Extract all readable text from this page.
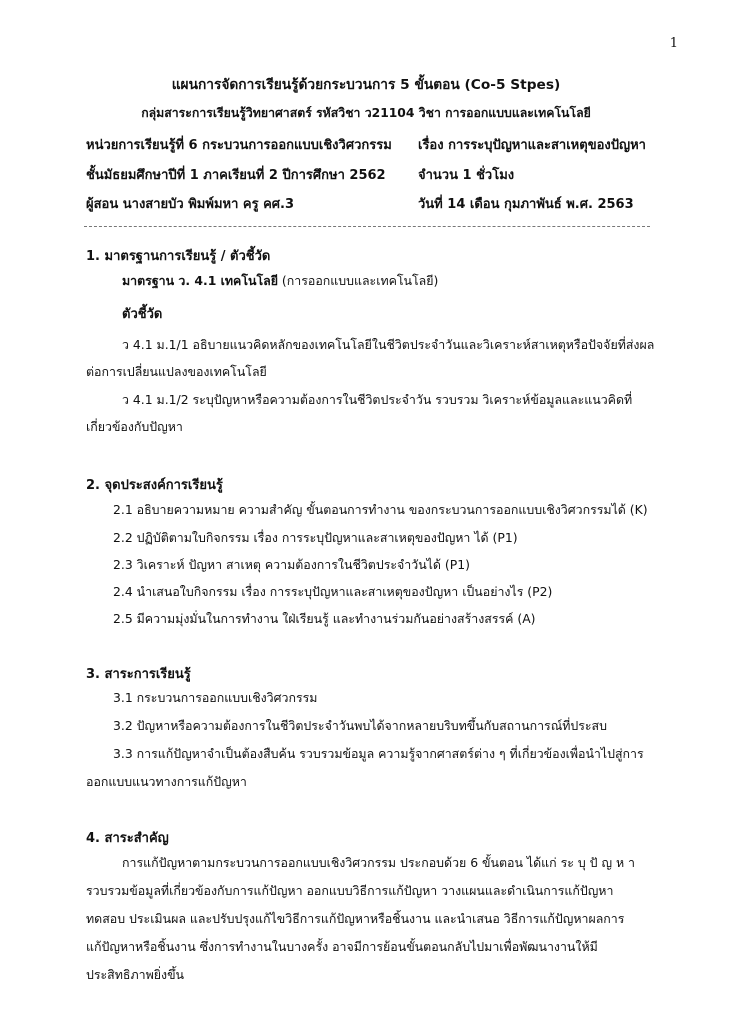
1
แผนการจัดการเรียนรู้ด้วยกระบวนการ 5 ขั้นตอน (Co-5 Stpes)
กลุ่มสาระการเรียนรู้วิทยาศาสตร์ รหัสวิชา ว21104 วิชา การออกแบบและเทคโนโลยี
หน่วยการเรียนรู้ที่ 6 กระบวนการออกแบบเชิงวิศวกรรม เรื่อง การระบุปัญหาและสาเหตุของปัญหา
ชั้นมัธยมศึกษาปีที่ 1 ภาคเรียนที่ 2 ปีการศึกษา 2562 จำนวน 1 ชั่วโมง
ผู้สอน นางสายบัว พิมพ์มหา ครู คศ.3	วันที่ 14 เดือน กุมภาพันธ์ พ.ศ. 2563
1. มาตรฐานการเรียนรู้ / ตัวชี้วัด
มาตรฐาน ว. 4.1 เทคโนโลยี (การออกแบบและเทคโนโลยี)
ตัวชี้วัด
ว 4.1 ม.1/1 อธิบายแนวคิดหลักของเทคโนโลยีในชีวิตประจำวันและวิเคราะห์สาเหตุหรือปัจจัยที่ส่งผล
ต่อการเปลี่ยนแปลงของเทคโนโลยี
ว 4.1 ม.1/2 ระบุปัญหาหรือความต้องการในชีวิตประจำวัน รวบรวม วิเคราะห์ข้อมูลและแนวคิดที่
เกี่ยวข้องกับปัญหา
2. จุดประสงค์การเรียนรู้
2.1 อธิบายความหมาย ความสำคัญ ขั้นตอนการทำงาน ของกระบวนการออกแบบเชิงวิศวกรรมได้ (K)
2.2 ปฏิบัติตามใบกิจกรรม เรื่อง การระบุปัญหาและสาเหตุของปัญหา ได้ (P1)
2.3 วิเคราะห์ ปัญหา สาเหตุ ความต้องการในชีวิตประจำวันได้ (P1)
2.4 นำเสนอใบกิจกรรม เรื่อง การระบุปัญหาและสาเหตุของปัญหา เป็นอย่างไร (P2)
2.5 มีความมุ่งมั่นในการทำงาน ใฝ่เรียนรู้ และทำงานร่วมกันอย่างสร้างสรรค์ (A)
3. สาระการเรียนรู้
3.1 กระบวนการออกแบบเชิงวิศวกรรม
3.2 ปัญหาหรือความต้องการในชีวิตประจำวันพบได้จากหลายบริบทขึ้นกับสถานการณ์ที่ประสบ
3.3 การแก้ปัญหาจำเป็นต้องสืบค้น รวบรวมข้อมูล ความรู้จากศาสตร์ต่าง ๆ ที่เกี่ยวข้องเพื่อนำไปสู่การ
ออกแบบแนวทางการแก้ปัญหา
4. สาระสำคัญ
การแก้ปัญหาตามกระบวนการออกแบบเชิงวิศวกรรม ประกอบด้วย 6 ขั้นตอน ได้แก่ ระ บุ ปั ญ ห า
รวบรวมข้อมูลที่เกี่ยวข้องกับการแก้ปัญหา ออกแบบวิธีการแก้ปัญหา วางแผนและดำเนินการแก้ปัญหา
ทดสอบ ประเมินผล และปรับปรุงแก้ไขวิธีการแก้ปัญหาหรือชิ้นงาน และนำเสนอ วิธีการแก้ปัญหาผลการ
แก้ปัญหาหรือชิ้นงาน ซึ่งการทำงานในบางครั้ง อาจมีการย้อนขั้นตอนกลับไปมาเพื่อพัฒนางานให้มี
ประสิทธิภาพยิ่งขึ้น
